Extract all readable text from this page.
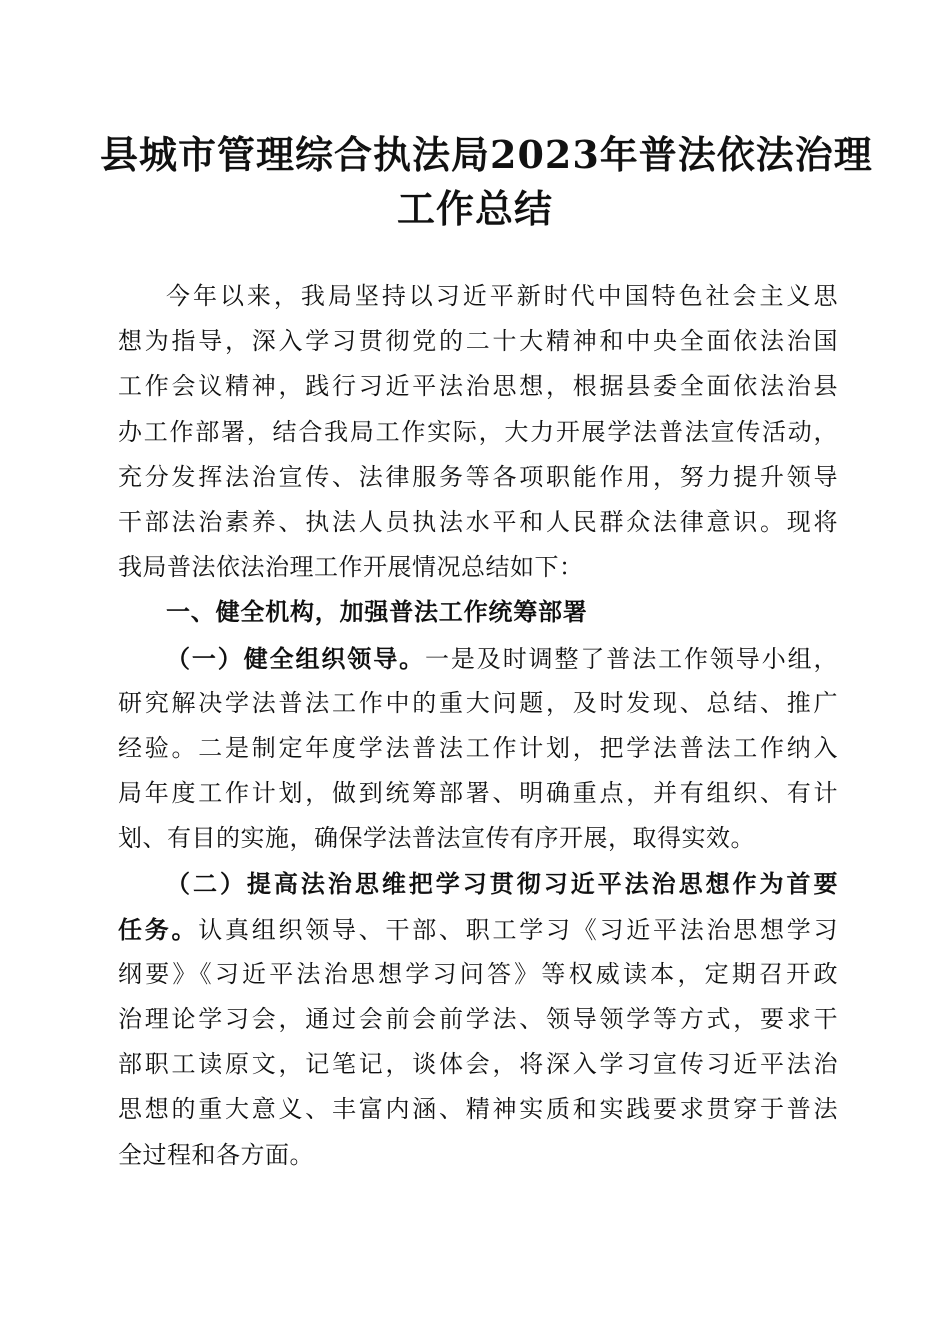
县城市管理综合执法局2023年普法依法治理
工作总结
今年以来，我局坚持以习近平新时代中国特色社会主义思
想为指导，深入学习贯彻党的二十大精神和中央全面依法治国
工作会议精神，践行习近平法治思想，根据县委全面依法治县
办工作部署，结合我局工作实际，大力开展学法普法宣传活动，
充分发挥法治宣传、法律服务等各项职能作用，努力提升领导
干部法治素养、执法人员执法水平和人民群众法律意识。现将
我局普法依法治理工作开展情况总结如下：
一、健全机构，加强普法工作统筹部署
（一）健全组织领导。一是及时调整了普法工作领导小组，
研究解决学法普法工作中的重大问题，及时发现、总结、推广
经验。二是制定年度学法普法工作计划，把学法普法工作纳入
局年度工作计划，做到统筹部署、明确重点，并有组织、有计
划、有目的实施，确保学法普法宣传有序开展，取得实效。
（二）提高法治思维把学习贯彻习近平法治思想作为首要
任务。认真组织领导、干部、职工学习《习近平法治思想学习
纲要》《习近平法治思想学习问答》等权威读本，定期召开政
治理论学习会，通过会前会前学法、领导领学等方式，要求干
部职工读原文，记笔记，谈体会，将深入学习宣传习近平法治
思想的重大意义、丰富内涵、精神实质和实践要求贯穿于普法
全过程和各方面。
